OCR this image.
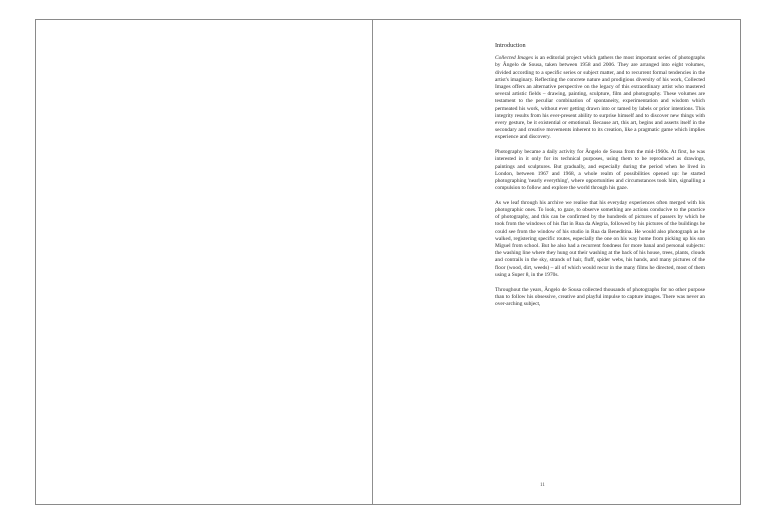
Introduction

Collected Images is an editorial project which gathers the most important series of photographs by Ângelo de Sousa, taken between 1958 and 2006. They are arranged into eight volumes, divided according to a specific series or subject matter, and to recurrent formal tendencies in the artist's imaginary. Reflecting the concrete nature and prodigious diversity of his work, Collected Images offers an alternative perspective on the legacy of this extraordinary artist who mastered several artistic fields – drawing, painting, sculpture, film and photography. These volumes are testament to the peculiar combination of spontaneity, experimentation and wisdom which permeated his work, without ever getting drawn into or tamed by labels or prior intentions. This integrity results from his ever-present ability to surprise himself and to discover new things with every gesture, be it existential or emotional. Because art, this art, begins and asserts itself in the secondary and creative movements inherent to its creation, like a pragmatic game which implies experience and discovery.

Photography became a daily activity for Ângelo de Sousa from the mid-1960s. At first, he was interested in it only for its technical purposes, using them to be reproduced as drawings, paintings and sculptures. But gradually, and especially during the period when he lived in London, between 1967 and 1968, a whole realm of possibilities opened up: he started photographing 'nearly everything', where opportunities and circumstances took him, signalling a compulsion to follow and explore the world through his gaze.

As we leaf through his archive we realise that his everyday experiences often merged with his photographic ones. To look, to gaze, to observe something are actions conducive to the practice of photography, and this can be confirmed by the hundreds of pictures of passers by which he took from the windows of his flat in Rua da Alegria, followed by his pictures of the buildings he could see from the window of his studio in Rua da Beneditina. He would also photograph as he walked, registering specific routes, especially the one on his way home from picking up his son Miguel from school. But he also had a recurrent fondness for more banal and personal subjects: the washing line where they hung out their washing at the back of his house, trees, plants, clouds and contrails in the sky, strands of hair, fluff, spider webs, his hands, and many pictures of the floor (wood, dirt, weeds) – all of which would recur in the many films he directed, most of them using a Super 8, in the 1970s.

Throughout the years, Ângelo de Sousa collected thousands of photographs for no other purpose than to follow his obsessive, creative and playful impulse to capture images. There was never an over-arching subject,

11
